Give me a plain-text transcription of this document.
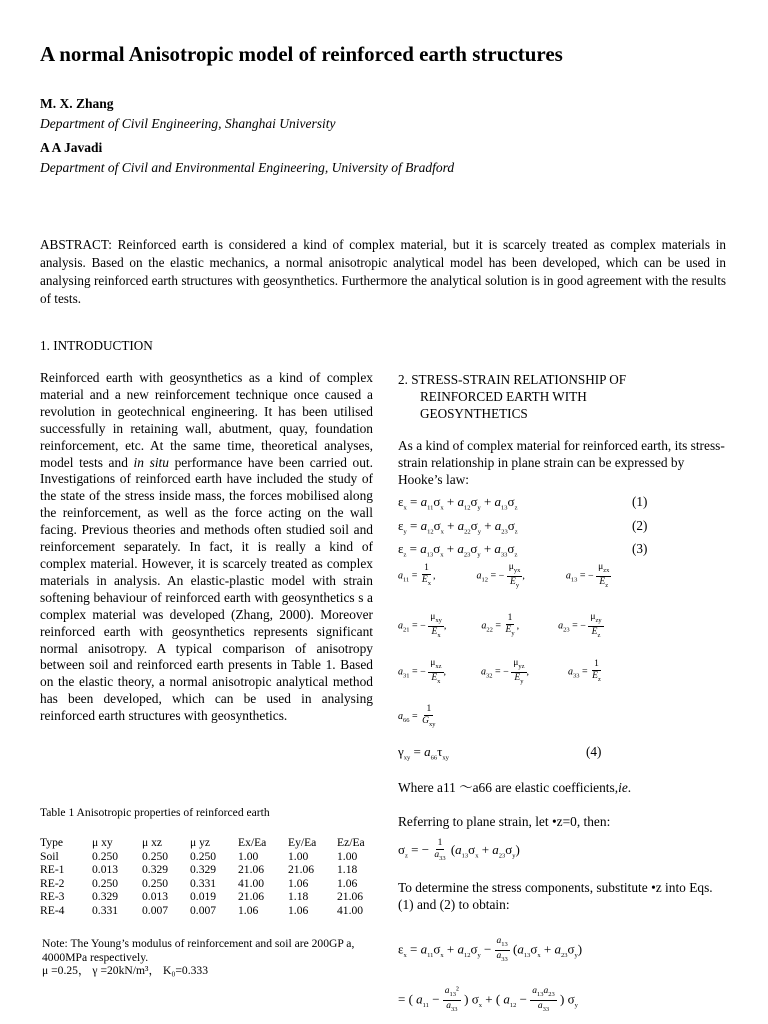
A normal Anisotropic model of reinforced earth structures
M. X. Zhang
Department of Civil Engineering, Shanghai University
A A Javadi
Department of Civil and Environmental Engineering, University of Bradford
ABSTRACT: Reinforced earth is considered a kind of complex material, but it is scarcely treated as complex materials in analysis. Based on the elastic mechanics, a normal anisotropic analytical model has been developed, which can be used in analysing reinforced earth structures with geosynthetics. Furthermore the analytical solution is in good agreement with the results of tests.
1. INTRODUCTION
Reinforced earth with geosynthetics as a kind of complex material and a new reinforcement technique once caused a revolution in geotechnical engineering. It has been utilised successfully in retaining wall, abutment, quay, foundation reinforcement, etc. At the same time, theoretical analyses, model tests and in situ performance have been carried out. Investigations of reinforced earth have included the study of the state of the stress inside mass, the forces mobilised along the reinforcement, as well as the force acting on the wall facing. Previous theories and methods often studied soil and reinforcement separately. In fact, it is really a kind of complex material. However, it is scarcely treated as complex materials in analysis. An elastic-plastic model with strain softening behaviour of reinforced earth with geosynthetics s a complex material was developed (Zhang, 2000). Moreover reinforced earth with geosynthetics represents significant normal anisotropy. A typical comparison of anisotropy between soil and reinforced earth presents in Table 1. Based on the elastic theory, a normal anisotropic analytical method has been developed, which can be used in analysing reinforced earth structures with geosynthetics.
Table 1 Anisotropic properties of reinforced earth
Type	μ xy	μ xz	μ yz	Ex/Ea	Ey/Ea	Ez/Ea
Soil	0.250	0.250	0.250	1.00	1.00	1.00
RE-1	0.013	0.329	0.329	21.06	21.06	1.18
RE-2	0.250	0.250	0.331	41.00	1.06	1.06
RE-3	0.329	0.013	0.019	21.06	1.18	21.06
RE-4	0.331	0.007	0.007	1.06	1.06	41.00
Note: The Young’s modulus of reinforcement and soil are 200GP a, 4000MPa respectively.
μ =0.25， γ =20kN/m³， K₀=0.333
2. STRESS-STRAIN RELATIONSHIP OF
REINFORCED EARTH WITH
GEOSYNTHETICS
As a kind of complex material for reinforced earth, its stress-strain relationship in plane strain can be expressed by Hooke’s law:
$\varepsilon_x = a_{11}\sigma_x + a_{12}\sigma_y + a_{13}\sigma_z$	(1)
$\varepsilon_y = a_{12}\sigma_x + a_{22}\sigma_y + a_{23}\sigma_z$	(2)
$\varepsilon_z = a_{13}\sigma_x + a_{23}\sigma_y + a_{33}\sigma_z$	(3)
$a_{11} = \frac{1}{E_x}$ ,	$a_{12}$ = − $\frac{\mu_{yx}}{E_y}$ ,	$a_{13}$ = − $\frac{\mu_{zx}}{E_z}$
$a_{21}$ = − $\frac{\mu_{xy}}{E_x}$ ,	$a_{22} = \frac{1}{E_y}$ ,	$a_{23}$ = − $\frac{\mu_{zy}}{E_z}$
$a_{31}$ = − $\frac{\mu_{xz}}{E_x}$ ,	$a_{32}$ = − $\frac{\mu_{yz}}{E_y}$ ,	$a_{33} = \frac{1}{E_z}$
$a_{66} = \frac{1}{G_{xy}}$
$\gamma_{xy} = a_{66}\tau_{xy}$	(4)
Where a11 ～a66 are elastic coefficients,ie.
Referring to plane strain, let •z=0, then:
$\sigma_z$ = − $\frac{1}{a_{33}} (a_{13}\sigma_x + a_{23}\sigma_y)$
To determine the stress components, substitute •z into Eqs. (1) and (2) to obtain:
$\varepsilon_x = a_{11}\sigma_x + a_{12}\sigma_y - \frac{a_{13}}{a_{33}} (a_{13}\sigma_x + a_{23}\sigma_y)$
= ( $a_{11} - \frac{a_{13}^2}{a_{33}}$ ) $\sigma_x$ + ( $a_{12} - \frac{a_{13}a_{23}}{a_{33}}$ ) $\sigma_y$
